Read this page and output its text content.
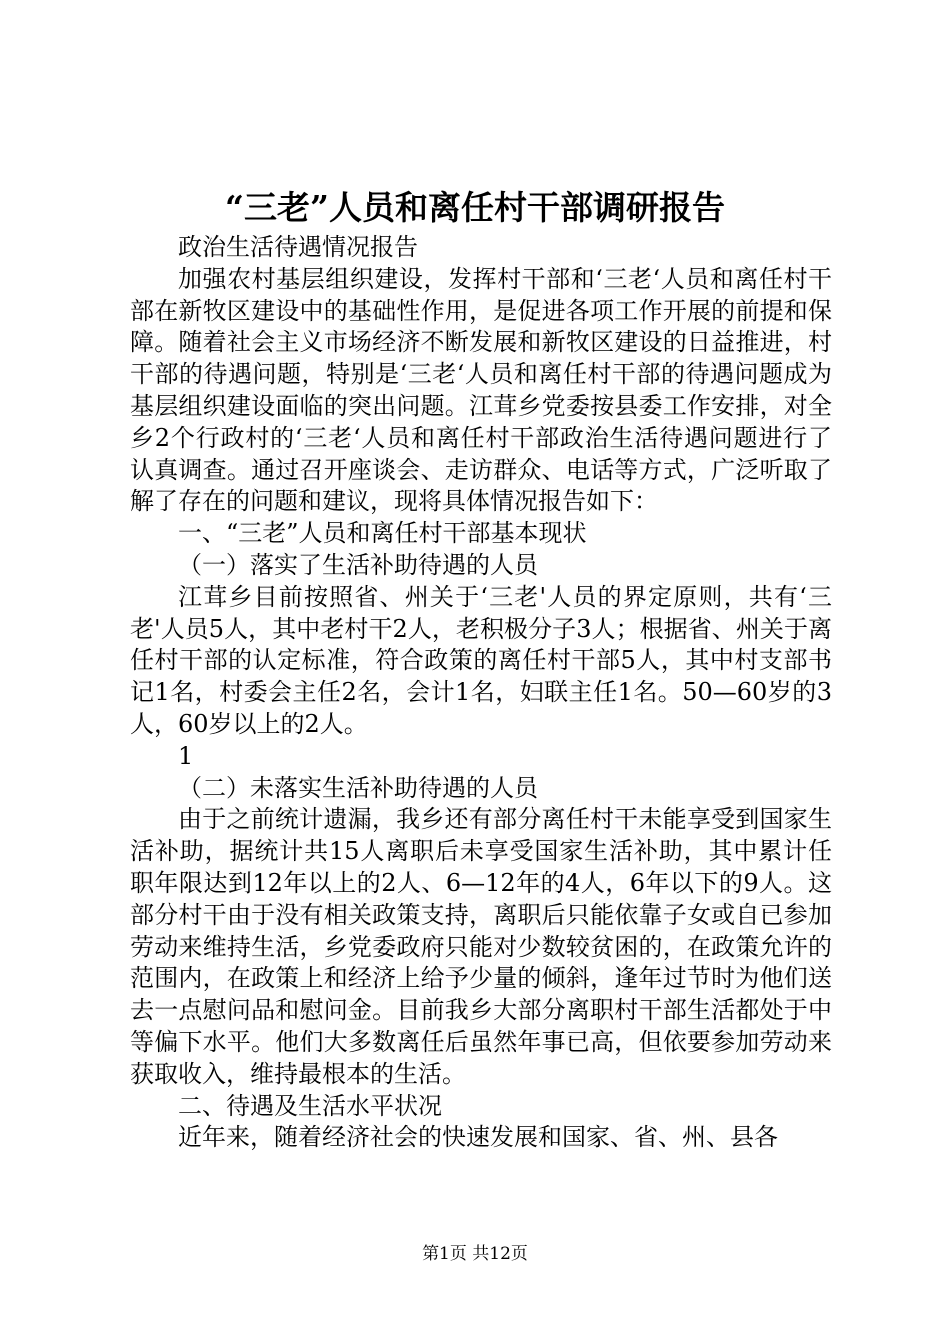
“三老”人员和离任村干部调研报告

政治生活待遇情况报告

加强农村基层组织建设，发挥村干部和‘三老‘人员和离任村干部在新牧区建设中的基础性作用，是促进各项工作开展的前提和保障。随着社会主义市场经济不断发展和新牧区建设的日益推进，村干部的待遇问题，特别是‘三老‘人员和离任村干部的待遇问题成为基层组织建设面临的突出问题。江茸乡党委按县委工作安排，对全乡2个行政村的‘三老‘人员和离任村干部政治生活待遇问题进行了认真调查。通过召开座谈会、走访群众、电话等方式，广泛听取了解了存在的问题和建议，现将具体情况报告如下：

一、“三老”人员和离任村干部基本现状

（一）落实了生活补助待遇的人员

江茸乡目前按照省、州关于‘三老'人员的界定原则，共有‘三老'人员5人，其中老村干2人，老积极分子3人；根据省、州关于离任村干部的认定标准，符合政策的离任村干部5人，其中村支部书记1名，村委会主任2名，会计1名，妇联主任1名。50—60岁的3人，60岁以上的2人。

1

（二）未落实生活补助待遇的人员

由于之前统计遗漏，我乡还有部分离任村干未能享受到国家生活补助，据统计共15人离职后未享受国家生活补助，其中累计任职年限达到12年以上的2人、6—12年的4人，6年以下的9人。这部分村干由于没有相关政策支持，离职后只能依靠子女或自已参加劳动来维持生活，乡党委政府只能对少数较贫困的，在政策允许的范围内，在政策上和经济上给予少量的倾斜，逢年过节时为他们送去一点慰问品和慰问金。目前我乡大部分离职村干部生活都处于中等偏下水平。他们大多数离任后虽然年事已高，但依要参加劳动来获取收入，维持最根本的生活。

二、待遇及生活水平状况

近年来，随着经济社会的快速发展和国家、省、州、县各

第1页 共12页
